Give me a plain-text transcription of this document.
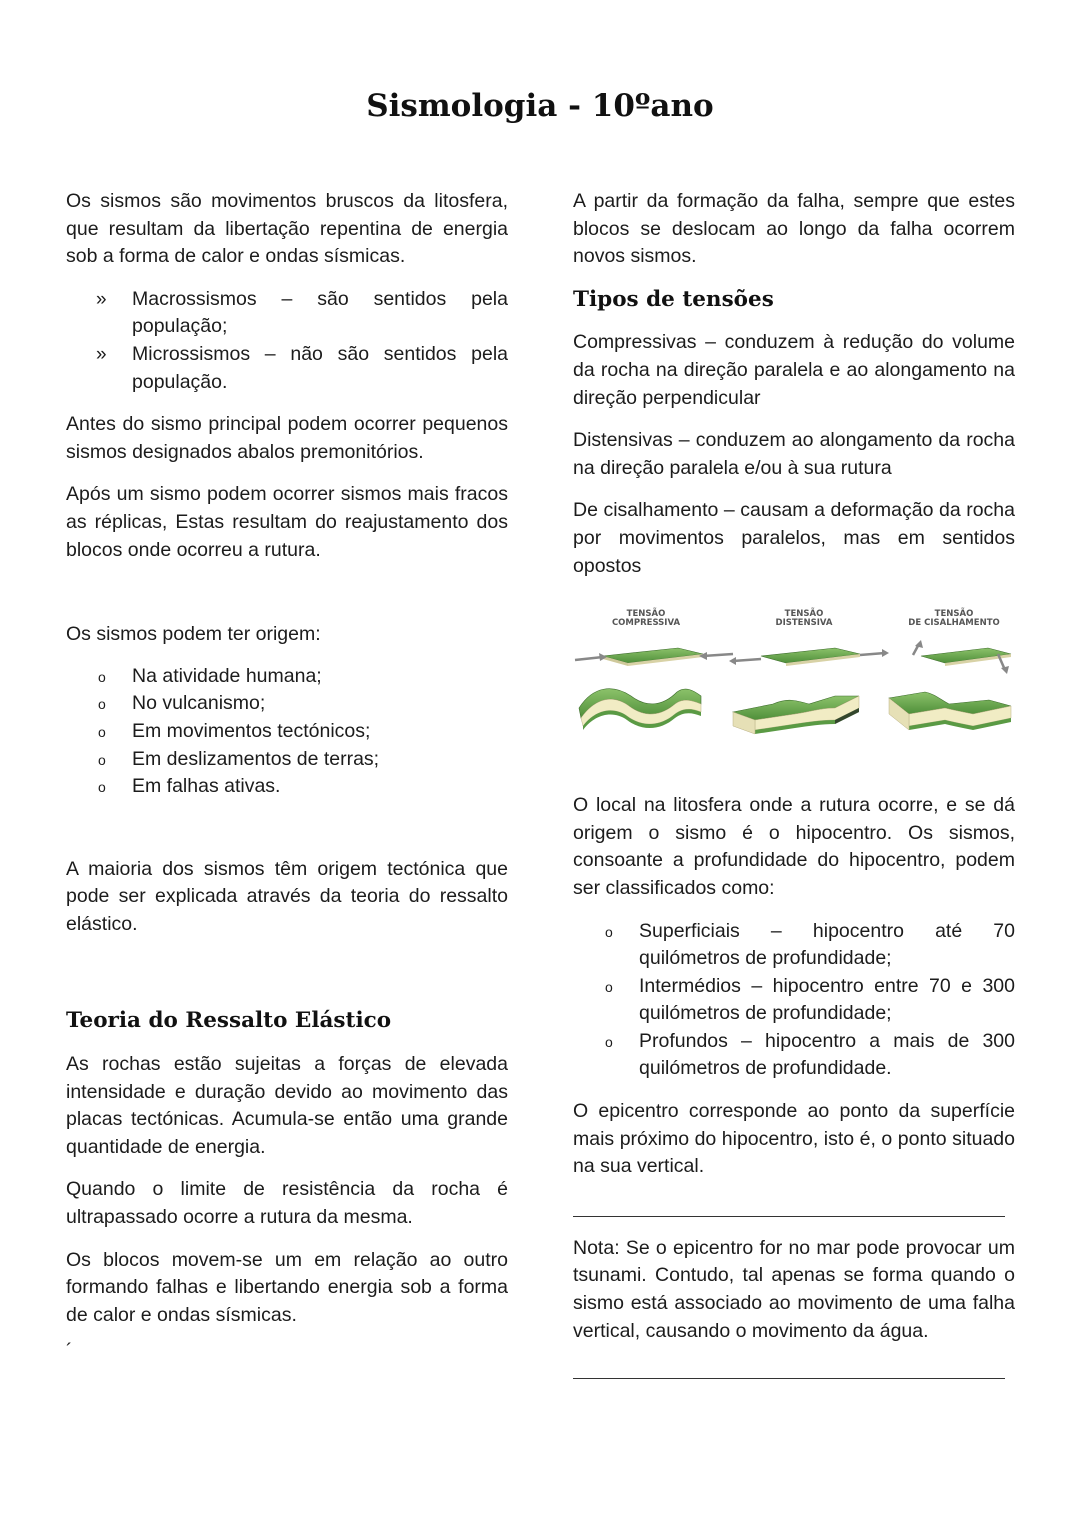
Sismologia - 10ºano

Os sismos são movimentos bruscos da litosfera, que resultam da libertação repentina de energia sob a forma de calor e ondas sísmicas.

» Macrossismos – são sentidos pela população;
» Microssismos – não são sentidos pela população.

Antes do sismo principal podem ocorrer pequenos sismos designados abalos premonitórios.

Após um sismo podem ocorrer sismos mais fracos as réplicas, Estas resultam do reajustamento dos blocos onde ocorreu a rutura.

Os sismos podem ter origem:

o Na atividade humana;
o No vulcanismo;
o Em movimentos tectónicos;
o Em deslizamentos de terras;
o Em falhas ativas.

A maioria dos sismos têm origem tectónica que pode ser explicada através da teoria do ressalto elástico.

Teoria do Ressalto Elástico

As rochas estão sujeitas a forças de elevada intensidade e duração devido ao movimento das placas tectónicas. Acumula-se então uma grande quantidade de energia.

Quando o limite de resistência da rocha é ultrapassado ocorre a rutura da mesma.

Os blocos movem-se um em relação ao outro formando falhas e libertando energia sob a forma de calor e ondas sísmicas.

´

A partir da formação da falha, sempre que estes blocos se deslocam ao longo da falha ocorrem novos sismos.

Tipos de tensões

Compressivas – conduzem à redução do volume da rocha na direção paralela e ao alongamento na direção perpendicular

Distensivas – conduzem ao alongamento da rocha na direção paralela e/ou à sua rutura

De cisalhamento – causam a deformação da rocha por movimentos paralelos, mas em sentidos opostos

TENSÃO
COMPRESSIVA
TENSÃO
DISTENSIVA
TENSÃO
DE CISALHAMENTO

O local na litosfera onde a rutura ocorre, e se dá origem o sismo é o hipocentro. Os sismos, consoante a profundidade do hipocentro, podem ser classificados como:

o Superficiais – hipocentro até 70 quilómetros de profundidade;
o Intermédios – hipocentro entre 70 e 300 quilómetros de profundidade;
o Profundos – hipocentro a mais de 300 quilómetros de profundidade.

O epicentro corresponde ao ponto da superfície mais próximo do hipocentro, isto é, o ponto situado na sua vertical.

Nota: Se o epicentro for no mar pode provocar um tsunami. Contudo, tal apenas se forma quando o sismo está associado ao movimento de uma falha vertical, causando o movimento da água.
